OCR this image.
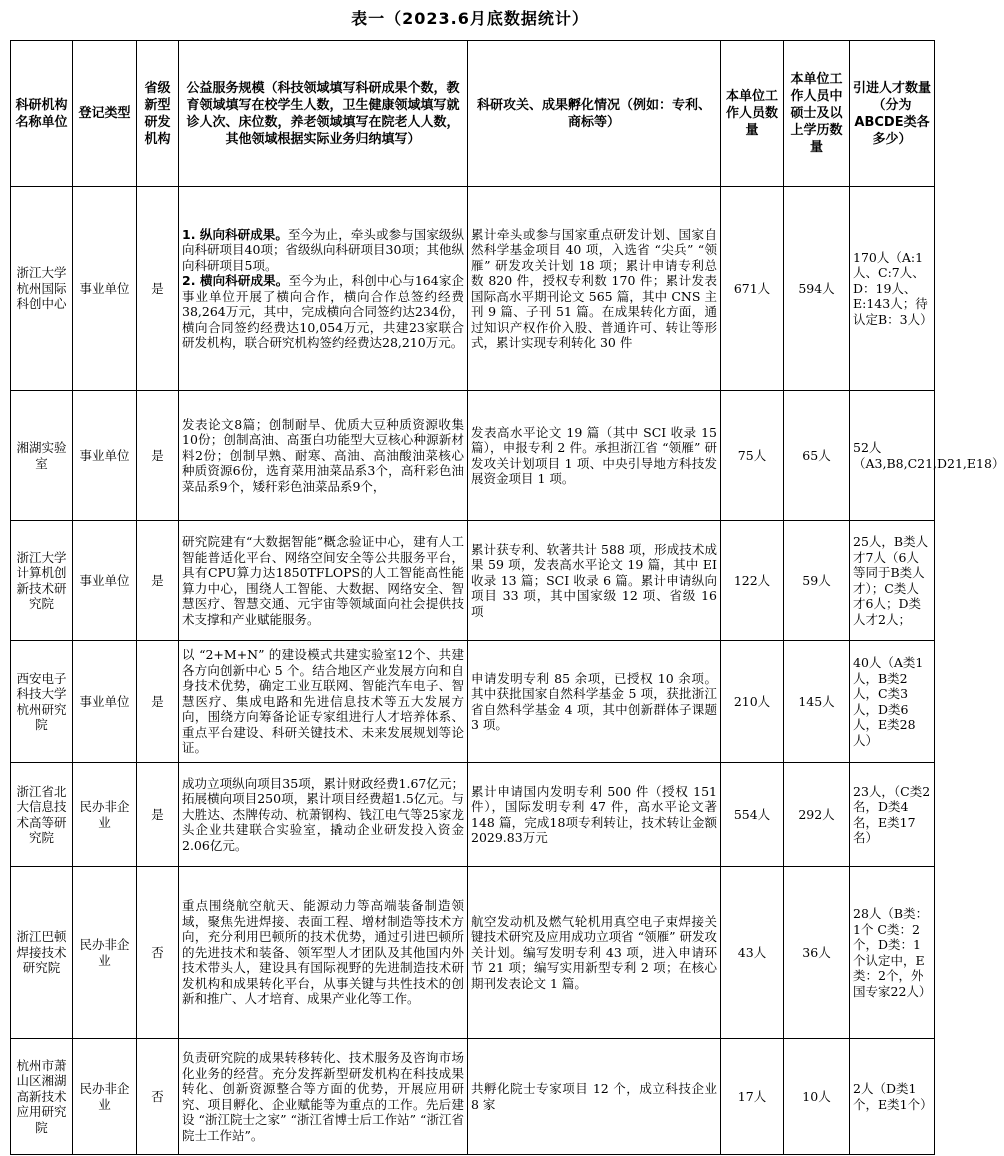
表一（2023.6月底数据统计）
科研机构名称单位	登记类型	省级新型研发机构	公益服务规模（科技领域填写科研成果个数，教育领域填写在校学生人数，卫生健康领域填写就诊人次、床位数，养老领域填写在院老人人数，其他领域根据实际业务归纳填写）	科研攻关、成果孵化情况（例如：专利、商标等）	本单位工作人员数量	本单位工作人员中硕士及以上学历数量	引进人才数量（分为ABCDE类各多少）
浙江大学杭州国际科创中心	事业单位	是	1. 纵向科研成果。至今为止，牵头或参与国家级纵向科研项目40项；省级纵向科研项目30项；其他纵向科研项目5项。
2. 横向科研成果。至今为止，科创中心与164家企事业单位开展了横向合作，横向合作总签约经费38,264万元，其中，完成横向合同签约达234份，横向合同签约经费达10,054万元，共建23家联合研发机构，联合研究机构签约经费达28,210万元。	累计牵头或参与国家重点研发计划、国家自然科学基金项目 40 项，入选省 “尖兵” “领雁” 研发攻关计划 18 项；累计申请专利总数 820 件，授权专利数 170 件；累计发表国际高水平期刊论文 565 篇，其中 CNS 主刊 9 篇、子刊 51 篇。在成果转化方面，通过知识产权作价入股、普通许可、转让等形式，累计实现专利转化 30 件	671人	594人	170人（A:1人、C:7人、D：19人、E:143人；待认定B：3人）

湘湖实验室	事业单位	是	发表论文8篇；创制耐旱、优质大豆种质资源收集10份；创制高油、高蛋白功能型大豆核心种源新材料2份；创制早熟、耐寒、高油、高油酸油菜核心种质资源6份，选育菜用油菜品系3个，高秆彩色油菜品系9个，矮秆彩色油菜品系9个，	发表高水平论文 19 篇（其中 SCI 收录 15 篇），申报专利 2 件。承担浙江省 “领雁” 研发攻关计划项目 1 项、中央引导地方科技发展资金项目 1 项。	75人	65人	52人（A3,B8,C21,D21,E18）

浙江大学计算机创新技术研究院	事业单位	是	研究院建有“大数据智能”概念验证中心，建有人工智能普适化平台、网络空间安全等公共服务平台，具有CPU算力达1850TFLOPS的人工智能高性能算力中心，围绕人工智能、大数据、网络安全、智慧医疗、智慧交通、元宇宙等领域面向社会提供技术支撑和产业赋能服务。	累计获专利、软著共计 588 项，形成技术成果 59 项，发表高水平论文 19 篇，其中 EI 收录 13 篇；SCI 收录 6 篇。累计申请纵向项目 33 项，其中国家级 12 项、省级 16 项	122人	59人	25人，B类人才7人（6人等同于B类人才）；C类人才6人；D类人才2人；

西安电子科技大学杭州研究院	事业单位	是	以 “2+M+N” 的建设模式共建实验室12个、共建各方向创新中心 5 个。结合地区产业发展方向和自身技术优势，确定工业互联网、智能汽车电子、智慧医疗、集成电路和先进信息技术等五大发展方向，围绕方向筹备论证专家组进行人才培养体系、重点平台建设、科研关键技术、未来发展规划等论证。	申请发明专利 85 余项，已授权 10 余项。其中获批国家自然科学基金 5 项，获批浙江省自然科学基金 4 项，其中创新群体子课题 3 项。	210人	145人	40人（A类1人，B类2人，C类3人，D类6人，E类28人）

浙江省北大信息技术高等研究院	民办非企业	是	成功立项纵向项目35项，累计财政经费1.67亿元；拓展横向项目250项，累计项目经费超1.5亿元。与大胜达、杰牌传动、杭萧钢构、钱江电气等25家龙头企业共建联合实验室，撬动企业研发投入资金2.06亿元。	累计申请国内发明专利 500 件（授权 151 件），国际发明专利 47 件，高水平论文著 148 篇，完成18项专利转让，技术转让金额2029.83万元	554人	292人	23人，（C类2名，D类4名，E类17名）

浙江巴顿焊接技术研究院	民办非企业	否	重点围绕航空航天、能源动力等高端装备制造领域，聚焦先进焊接、表面工程、增材制造等技术方向，充分利用巴顿所的技术优势，通过引进巴顿所的先进技术和装备、领军型人才团队及其他国内外技术带头人，建设具有国际视野的先进制造技术研发机构和成果转化平台，从事关键与共性技术的创新和推广、人才培育、成果产业化等工作。	航空发动机及燃气轮机用真空电子束焊接关键技术研究及应用成功立项省 “领雁” 研发攻关计划。编写发明专利 43 项，进入申请环节 21 项；编写实用新型专利 2 项；在核心期刊发表论文 1 篇。	43人	36人	28人（B类：1个 C类：2个，D类：1个认定中，E类：2个，外国专家22人）

杭州市萧山区湘湖高新技术应用研究院	民办非企业	否	负责研究院的成果转移转化、技术服务及咨询市场化业务的经营。充分发挥新型研发机构在科技成果转化、创新资源整合等方面的优势，开展应用研究、项目孵化、企业赋能等为重点的工作。先后建设 “浙江院士之家” “浙江省博士后工作站” “浙江省院士工作站”。	共孵化院士专家项目 12 个，成立科技企业 8 家	17人	10人	2人（D类1个，E类1个）
